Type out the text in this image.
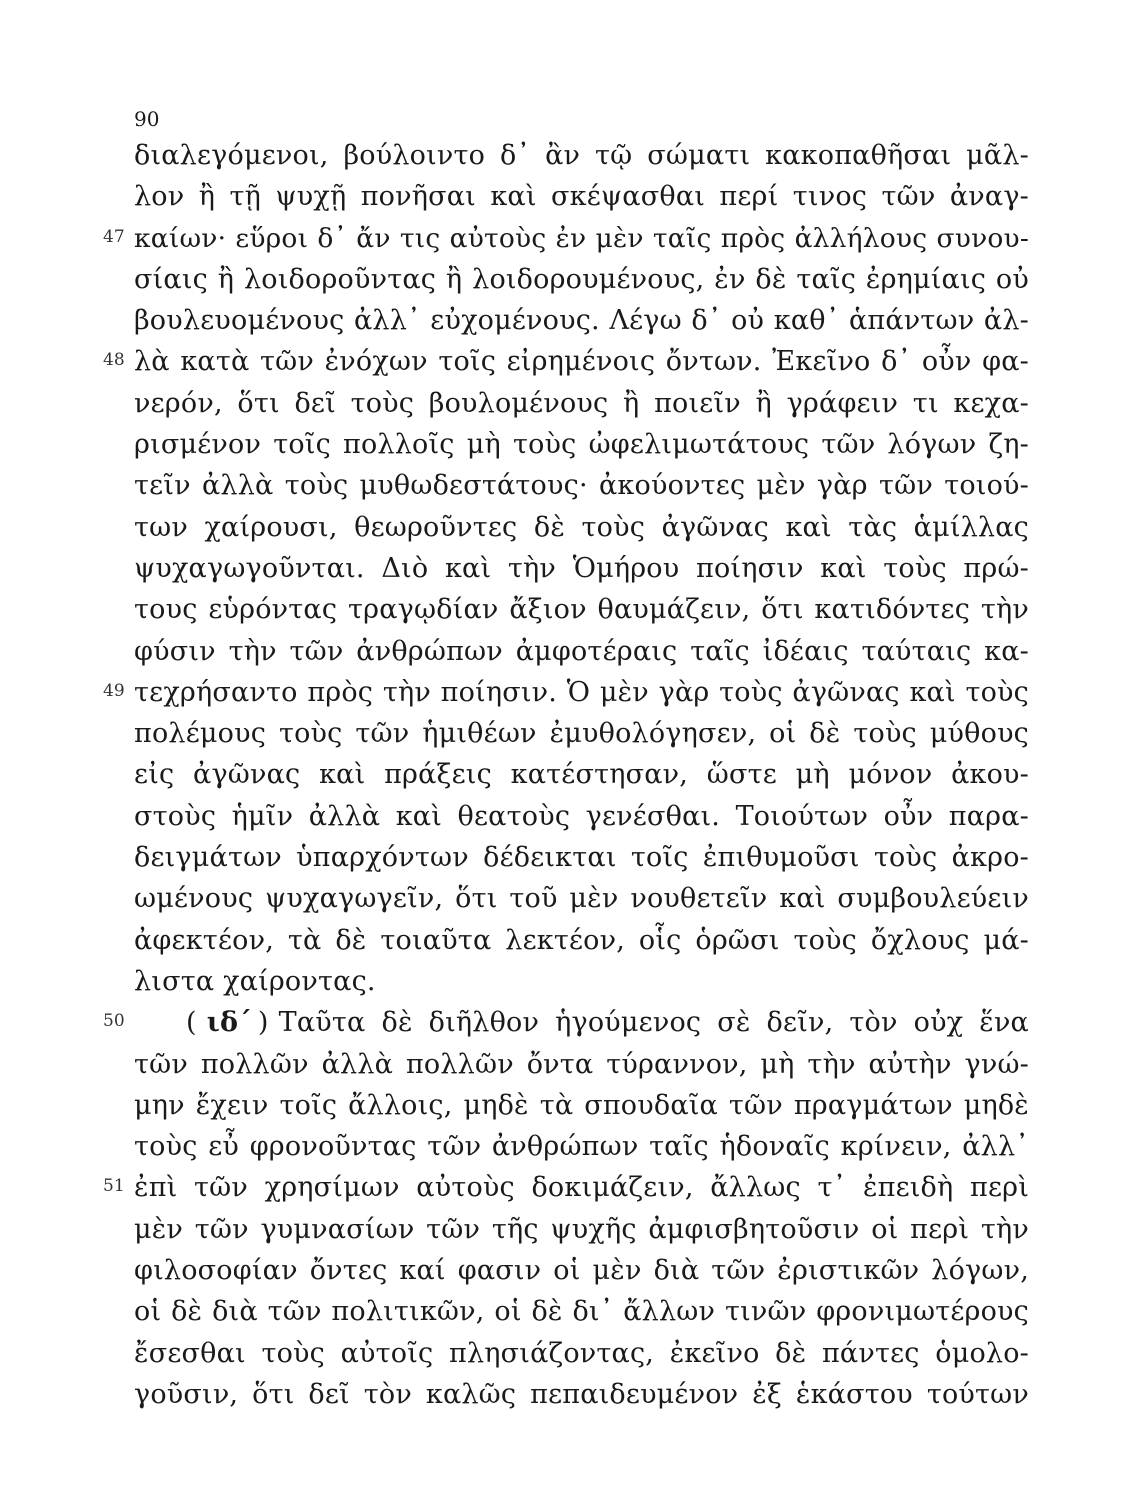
90
διαλεγόμενοι, βούλοιντο δ᾿ ἂν τῷ σώματι κακοπαθῆσαι μᾶλ-
λον ἢ τῇ ψυχῇ πονῆσαι καὶ σκέψασθαι περί τινος τῶν ἀναγ-
47 καίων· εὕροι δ᾿ ἄν τις αὐτοὺς ἐν μὲν ταῖς πρὸς ἀλλήλους συνου-
σίαις ἢ λοιδοροῦντας ἢ λοιδορουμένους, ἐν δὲ ταῖς ἐρημίαις οὐ
βουλευομένους ἀλλ᾿ εὐχομένους. Λέγω δ᾿ οὐ καθ᾿ ἁπάντων ἀλ-
48 λὰ κατὰ τῶν ἐνόχων τοῖς εἰρημένοις ὄντων. Ἐκεῖνο δ᾿ οὖν φα-
νερόν, ὅτι δεῖ τοὺς βουλομένους ἢ ποιεῖν ἢ γράφειν τι κεχα-
ρισμένον τοῖς πολλοῖς μὴ τοὺς ὠφελιμωτάτους τῶν λόγων ζη-
τεῖν ἀλλὰ τοὺς μυθωδεστάτους· ἀκούοντες μὲν γὰρ τῶν τοιού-
των χαίρουσι, θεωροῦντες δὲ τοὺς ἀγῶνας καὶ τὰς ἁμίλλας
ψυχαγωγοῦνται. Διὸ καὶ τὴν Ὁμήρου ποίησιν καὶ τοὺς πρώ-
τους εὑρόντας τραγῳδίαν ἄξιον θαυμάζειν, ὅτι κατιδόντες τὴν
φύσιν τὴν τῶν ἀνθρώπων ἀμφοτέραις ταῖς ἰδέαις ταύταις κα-
49 τεχρήσαντο πρὸς τὴν ποίησιν. Ὁ μὲν γὰρ τοὺς ἀγῶνας καὶ τοὺς
πολέμους τοὺς τῶν ἡμιθέων ἐμυθολόγησεν, οἱ δὲ τοὺς μύθους
εἰς ἀγῶνας καὶ πράξεις κατέστησαν, ὥστε μὴ μόνον ἀκου-
στοὺς ἡμῖν ἀλλὰ καὶ θεατοὺς γενέσθαι. Τοιούτων οὖν παρα-
δειγμάτων ὑπαρχόντων δέδεικται τοῖς ἐπιθυμοῦσι τοὺς ἀκρο-
ωμένους ψυχαγωγεῖν, ὅτι τοῦ μὲν νουθετεῖν καὶ συμβουλεύειν
ἀφεκτέον, τὰ δὲ τοιαῦτα λεκτέον, οἷς ὁρῶσι τοὺς ὄχλους μά-
λιστα χαίροντας.
50 ( ιδ´ ) Ταῦτα δὲ διῆλθον ἡγούμενος σὲ δεῖν, τὸν οὐχ ἕνα
τῶν πολλῶν ἀλλὰ πολλῶν ὄντα τύραννον, μὴ τὴν αὐτὴν γνώ-
μην ἔχειν τοῖς ἄλλοις, μηδὲ τὰ σπουδαῖα τῶν πραγμάτων μηδὲ
τοὺς εὖ φρονοῦντας τῶν ἀνθρώπων ταῖς ἡδοναῖς κρίνειν, ἀλλ᾿
51 ἐπὶ τῶν χρησίμων αὐτοὺς δοκιμάζειν, ἄλλως τ᾿ ἐπειδὴ περὶ
μὲν τῶν γυμνασίων τῶν τῆς ψυχῆς ἀμφισβητοῦσιν οἱ περὶ τὴν
φιλοσοφίαν ὄντες καί φασιν οἱ μὲν διὰ τῶν ἐριστικῶν λόγων,
οἱ δὲ διὰ τῶν πολιτικῶν, οἱ δὲ δι᾿ ἄλλων τινῶν φρονιμωτέρους
ἔσεσθαι τοὺς αὐτοῖς πλησιάζοντας, ἐκεῖνο δὲ πάντες ὁμολο-
γοῦσιν, ὅτι δεῖ τὸν καλῶς πεπαιδευμένον ἐξ ἑκάστου τούτων
